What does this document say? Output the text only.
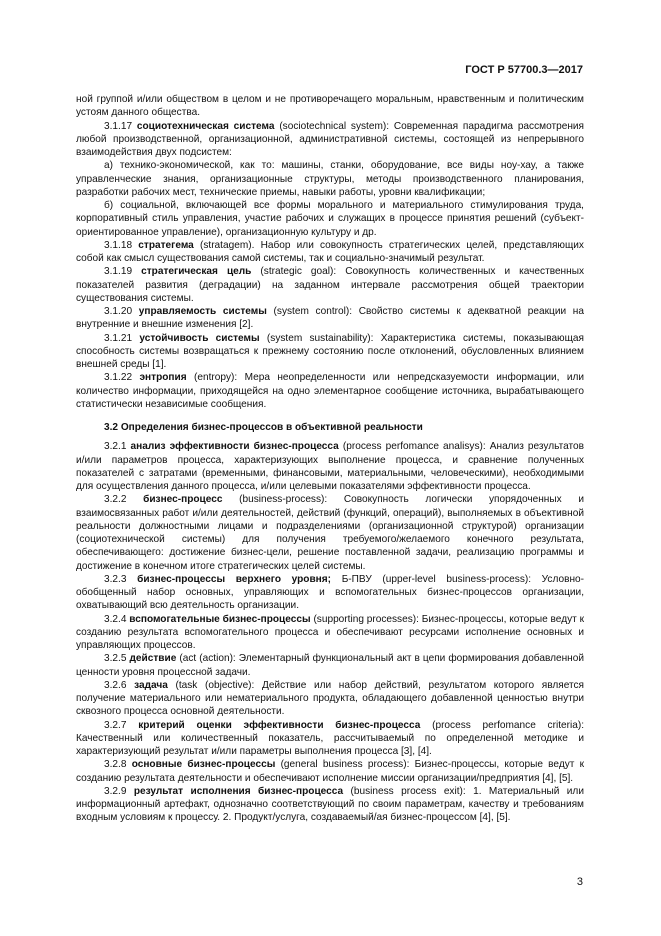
ГОСТ Р 57700.3—2017

ной группой и/или обществом в целом и не противоречащего моральным, нравственным и политическим устоям данного общества.

3.1.17 социотехническая система (sociotechnical system): Современная парадигма рассмотрения любой производственной, организационной, административной системы, состоящей из непрерывного взаимодействия двух подсистем:

а) технико-экономической, как то: машины, станки, оборудование, все виды ноу-хау, а также управленческие знания, организационные структуры, методы производственного планирования, разработки рабочих мест, технические приемы, навыки работы, уровни квалификации;

б) социальной, включающей все формы морального и материального стимулирования труда, корпоративный стиль управления, участие рабочих и служащих в процессе принятия решений (субъект-ориентированное управление), организационную культуру и др.

3.1.18 стратегема (stratagem). Набор или совокупность стратегических целей, представляющих собой как смысл существования самой системы, так и социально-значимый результат.

3.1.19 стратегическая цель (strategic goal): Совокупность количественных и качественных показателей развития (деградации) на заданном интервале рассмотрения общей траектории существования системы.

3.1.20 управляемость системы (system control): Свойство системы к адекватной реакции на внутренние и внешние изменения [2].

3.1.21 устойчивость системы (system sustainability): Характеристика системы, показывающая способность системы возвращаться к прежнему состоянию после отклонений, обусловленных влиянием внешней среды [1].

3.1.22 энтропия (entropy): Мера неопределенности или непредсказуемости информации, или количество информации, приходящейся на одно элементарное сообщение источника, вырабатывающего статистически независимые сообщения.

3.2 Определения бизнес-процессов в объективной реальности

3.2.1 анализ эффективности бизнес-процесса (process perfomance analisys): Анализ результатов и/или параметров процесса, характеризующих выполнение процесса, и сравнение полученных показателей с затратами (временными, финансовыми, материальными, человеческими), необходимыми для осуществления данного процесса, и/или целевыми показателями эффективности процесса.

3.2.2 бизнес-процесс (business-process): Совокупность логически упорядоченных и взаимосвязанных работ и/или деятельностей, действий (функций, операций), выполняемых в объективной реальности должностными лицами и подразделениями (организационной структурой) организации (социотехнической системы) для получения требуемого/желаемого конечного результата, обеспечивающего: достижение бизнес-цели, решение поставленной задачи, реализацию программы и достижение в конечном итоге стратегических целей системы.

3.2.3 бизнес-процессы верхнего уровня; Б-ПВУ (upper-level business-process): Условно-обобщенный набор основных, управляющих и вспомогательных бизнес-процессов организации, охватывающий всю деятельность организации.

3.2.4 вспомогательные бизнес-процессы (supporting processes): Бизнес-процессы, которые ведут к созданию результата вспомогательного процесса и обеспечивают ресурсами исполнение основных и управляющих процессов.

3.2.5 действие (act (action): Элементарный функциональный акт в цепи формирования добавленной ценности уровня процессной задачи.

3.2.6 задача (task (objective): Действие или набор действий, результатом которого является получение материального или нематериального продукта, обладающего добавленной ценностью внутри сквозного процесса основной деятельности.

3.2.7 критерий оценки эффективности бизнес-процесса (process perfomance criteria): Качественный или количественный показатель, рассчитываемый по определенной методике и характеризующий результат и/или параметры выполнения процесса [3], [4].

3.2.8 основные бизнес-процессы (general business process): Бизнес-процессы, которые ведут к созданию результата деятельности и обеспечивают исполнение миссии организации/предприятия [4], [5].

3.2.9 результат исполнения бизнес-процесса (business process exit): 1. Материальный или информационный артефакт, однозначно соответствующий по своим параметрам, качеству и требованиям входным условиям к процессу. 2. Продукт/услуга, создаваемый/ая бизнес-процессом [4], [5].

3
